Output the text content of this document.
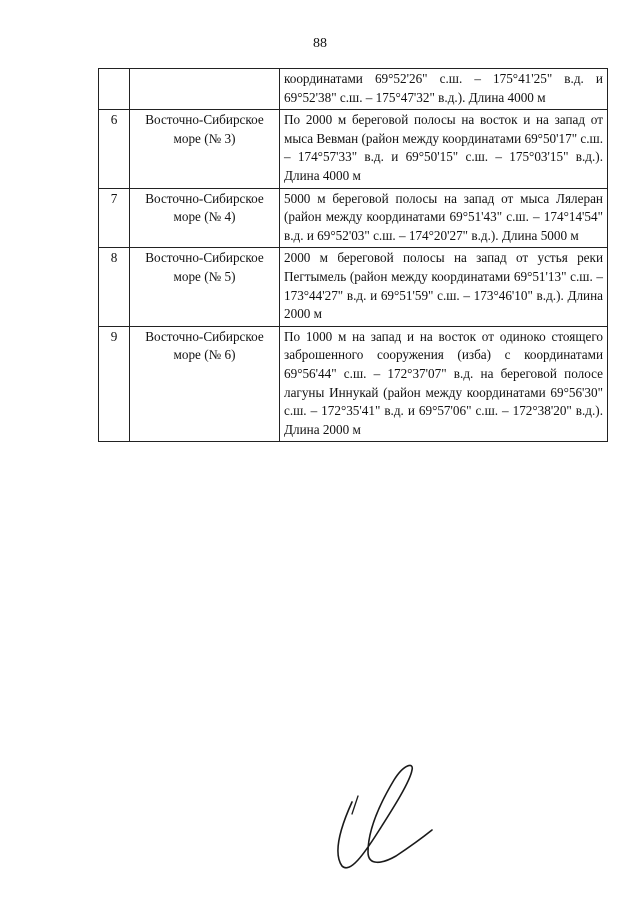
88
		координатами 69°52'26" с.ш. – 175°41'25" в.д. и 69°52'38" с.ш. – 175°47'32" в.д.). Длина 4000 м
6	Восточно-Сибирское море (№ 3)	По 2000 м береговой полосы на восток и на запад от мыса Вевман (район между координатами 69°50'17" с.ш. – 174°57'33" в.д. и 69°50'15" с.ш. – 175°03'15" в.д.). Длина 4000 м
7	Восточно-Сибирское море (№ 4)	5000 м береговой полосы на запад от мыса Лялеран (район между координатами 69°51'43" с.ш. – 174°14'54" в.д. и 69°52'03" с.ш. – 174°20'27" в.д.). Длина 5000 м
8	Восточно-Сибирское море (№ 5)	2000 м береговой полосы на запад от устья реки Пегтымель (район между координатами 69°51'13" с.ш. – 173°44'27" в.д. и 69°51'59" с.ш. – 173°46'10" в.д.). Длина 2000 м
9	Восточно-Сибирское море (№ 6)	По 1000 м на запад и на восток от одиноко стоящего заброшенного сооружения (изба) с координатами 69°56'44" с.ш. – 172°37'07" в.д. на береговой полосе лагуны Иннукай (район между координатами 69°56'30" с.ш. – 172°35'41" в.д. и 69°57'06" с.ш. – 172°38'20" в.д.). Длина 2000 м
